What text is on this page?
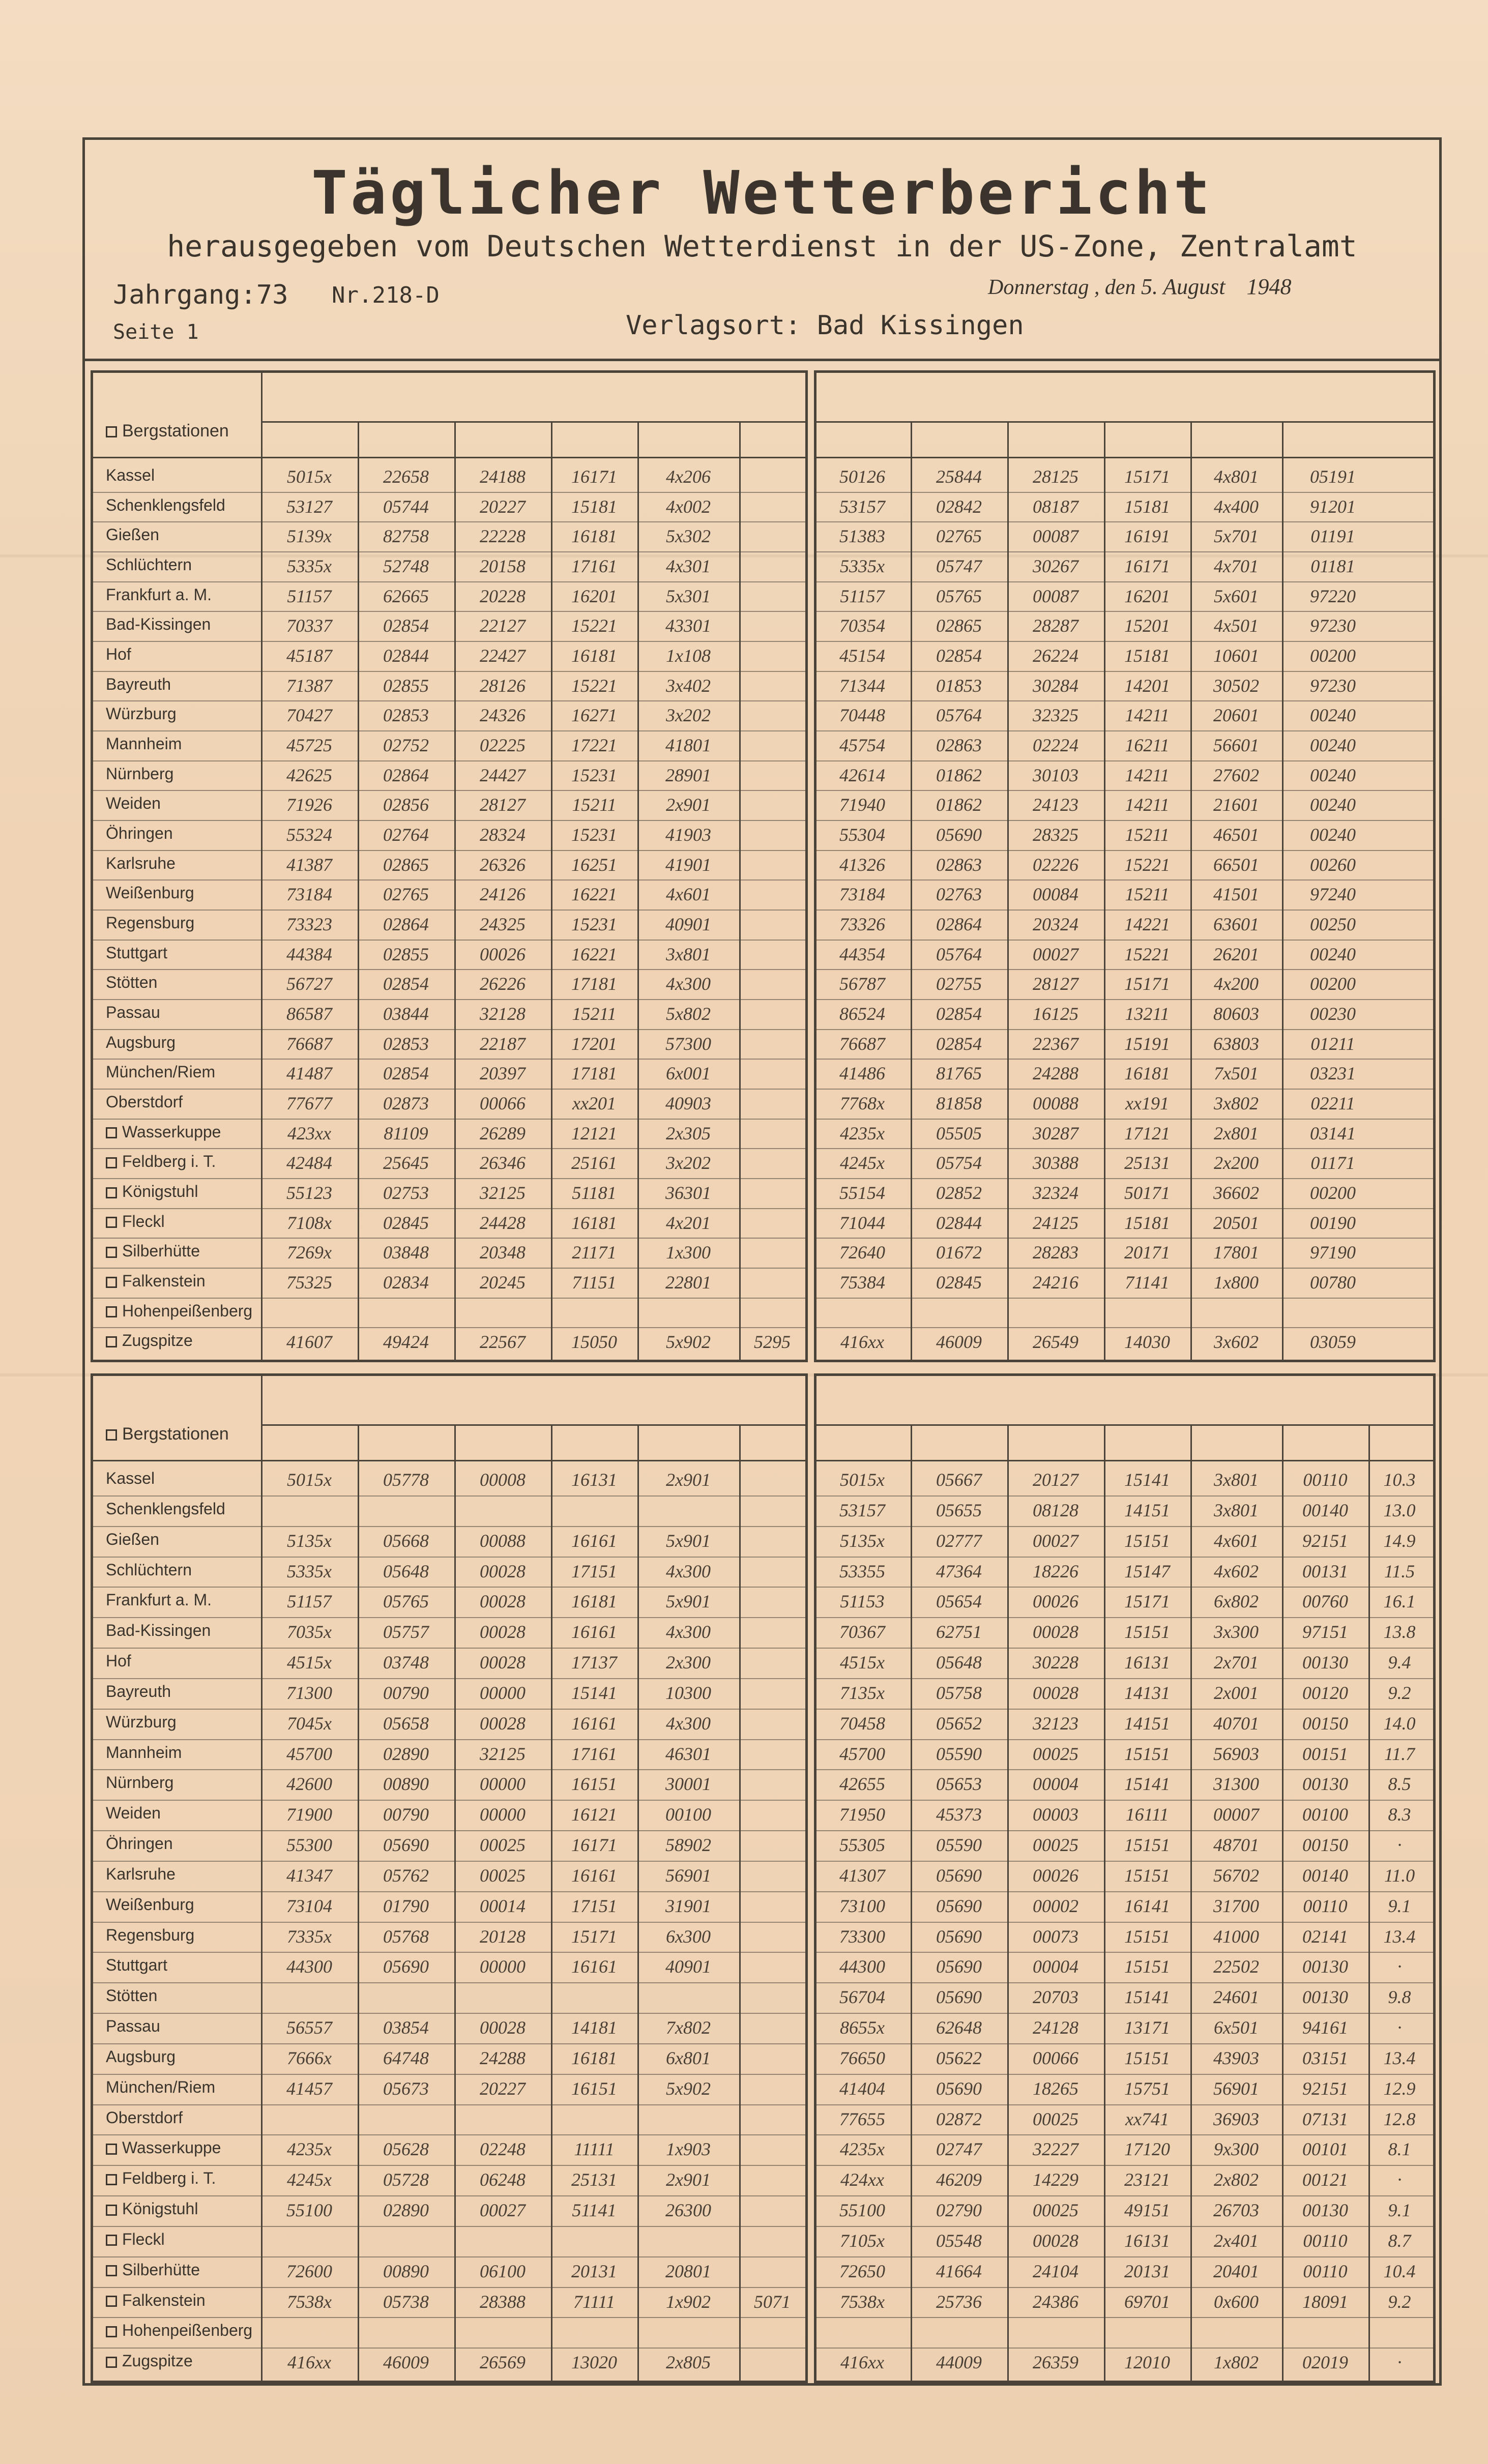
Täglicher Wetterbericht
herausgegeben vom Deutschen Wetterdienst in der US-Zone, Zentralamt
Jahrgang:73 Nr.218-D
Seite 1	Verlagsort: Bad Kissingen
Donnerstag , den 5. August 1948
Bergstationen
Kassel	5015x	22658	24188	16171	4x206
Schenklengsfeld	53127	05744	20227	15181	4x002
Gießen	5139x	82758	22228	16181	5x302
Schlüchtern	5335x	52748	20158	17161	4x301
Frankfurt a. M.	51157	62665	20228	16201	5x301
Bad-Kissingen	70337	02854	22127	15221	43301
Hof	45187	02844	22427	16181	1x108
Bayreuth	71387	02855	28126	15221	3x402
Würzburg	70427	02853	24326	16271	3x202
Mannheim	45725	02752	02225	17221	41801
Nürnberg	42625	02864	24427	15231	28901
Weiden	71926	02856	28127	15211	2x901
Öhringen	55324	02764	28324	15231	41903
Karlsruhe	41387	02865	26326	16251	41901
Weißenburg	73184	02765	24126	16221	4x601
Regensburg	73323	02864	24325	15231	40901
Stuttgart	44384	02855	00026	16221	3x801
Stötten	56727	02854	26226	17181	4x300
Passau	86587	03844	32128	15211	5x802
Augsburg	76687	02853	22187	17201	57300
München/Riem	41487	02854	20397	17181	6x001
Oberstdorf	77677	02873	00066	xx201	40903
Wasserkuppe	423xx	81109	26289	12121	2x305
Feldberg i. T.	42484	25645	26346	25161	3x202
Königstuhl	55123	02753	32125	51181	36301
Fleckl	7108x	02845	24428	16181	4x201
Silberhütte	7269x	03848	20348	21171	1x300
Falkenstein	75325	02834	20245	71151	22801
Hohenpeißenberg
Zugspitze	41607	49424	22567	15050	5x902	5295
50126	25844	28125	15171	4x801	05191
53157	02842	08187	15181	4x400	91201
51383	02765	00087	16191	5x701	01191
5335x	05747	30267	16171	4x701	01181
51157	05765	00087	16201	5x601	97220
70354	02865	28287	15201	4x501	97230
45154	02854	26224	15181	10601	00200
71344	01853	30284	14201	30502	97230
70448	05764	32325	14211	20601	00240
45754	02863	02224	16211	56601	00240
42614	01862	30103	14211	27602	00240
71940	01862	24123	14211	21601	00240
55304	05690	28325	15211	46501	00240
41326	02863	02226	15221	66501	00260
73184	02763	00084	15211	41501	97240
73326	02864	20324	14221	63601	00250
44354	05764	00027	15221	26201	00240
56787	02755	28127	15171	4x200	00200
86524	02854	16125	13211	80603	00230
76687	02854	22367	15191	63803	01211
41486	81765	24288	16181	7x501	03231
7768x	81858	00088	xx191	3x802	02211
4235x	05505	30287	17121	2x801	03141
4245x	05754	30388	25131	2x200	01171
55154	02852	32324	50171	36602	00200
71044	02844	24125	15181	20501	00190
72640	01672	28283	20171	17801	97190
75384	02845	24216	71141	1x800	00780
416xx	46009	26549	14030	3x602	03059
Bergstationen
Kassel	5015x	05778	00008	16131	2x901
Schenklengsfeld
Gießen	5135x	05668	00088	16161	5x901
Schlüchtern	5335x	05648	00028	17151	4x300
Frankfurt a. M.	51157	05765	00028	16181	5x901
Bad-Kissingen	7035x	05757	00028	16161	4x300
Hof	4515x	03748	00028	17137	2x300
Bayreuth	71300	00790	00000	15141	10300
Würzburg	7045x	05658	00028	16161	4x300
Mannheim	45700	02890	32125	17161	46301
Nürnberg	42600	00890	00000	16151	30001
Weiden	71900	00790	00000	16121	00100
Öhringen	55300	05690	00025	16171	58902
Karlsruhe	41347	05762	00025	16161	56901
Weißenburg	73104	01790	00014	17151	31901
Regensburg	7335x	05768	20128	15171	6x300
Stuttgart	44300	05690	00000	16161	40901
Stötten
Passau	56557	03854	00028	14181	7x802
Augsburg	7666x	64748	24288	16181	6x801
München/Riem	41457	05673	20227	16151	5x902
Oberstdorf
Wasserkuppe	4235x	05628	02248	11111	1x903
Feldberg i. T.	4245x	05728	06248	25131	2x901
Königstuhl	55100	02890	00027	51141	26300
Fleckl
Silberhütte	72600	00890	06100	20131	20801
Falkenstein	7538x	05738	28388	71111	1x902	5071
Hohenpeißenberg
Zugspitze	416xx	46009	26569	13020	2x805
5015x	05667	20127	15141	3x801	00110	10.3
53157	05655	08128	14151	3x801	00140	13.0
5135x	02777	00027	15151	4x601	92151	14.9
53355	47364	18226	15147	4x602	00131	11.5
51153	05654	00026	15171	6x802	00760	16.1
70367	62751	00028	15151	3x300	97151	13.8
4515x	05648	30228	16131	2x701	00130	9.4
7135x	05758	00028	14131	2x001	00120	9.2
70458	05652	32123	14151	40701	00150	14.0
45700	05590	00025	15151	56903	00151	11.7
42655	05653	00004	15141	31300	00130	8.5
71950	45373	00003	16111	00007	00100	8.3
55305	05590	00025	15151	48701	00150	·
41307	05690	00026	15151	56702	00140	11.0
73100	05690	00002	16141	31700	00110	9.1
73300	05690	00073	15151	41000	02141	13.4
44300	05690	00004	15151	22502	00130	·
56704	05690	20703	15141	24601	00130	9.8
8655x	62648	24128	13171	6x501	94161	·
76650	05622	00066	15151	43903	03151	13.4
41404	05690	18265	15751	56901	92151	12.9
77655	02872	00025	xx741	36903	07131	12.8
4235x	02747	32227	17120	9x300	00101	8.1
424xx	46209	14229	23121	2x802	00121	·
55100	02790	00025	49151	26703	00130	9.1
7105x	05548	00028	16131	2x401	00110	8.7
72650	41664	24104	20131	20401	00110	10.4
7538x	25736	24386	69701	0x600	18091	9.2
416xx	44009	26359	12010	1x802	02019	·
